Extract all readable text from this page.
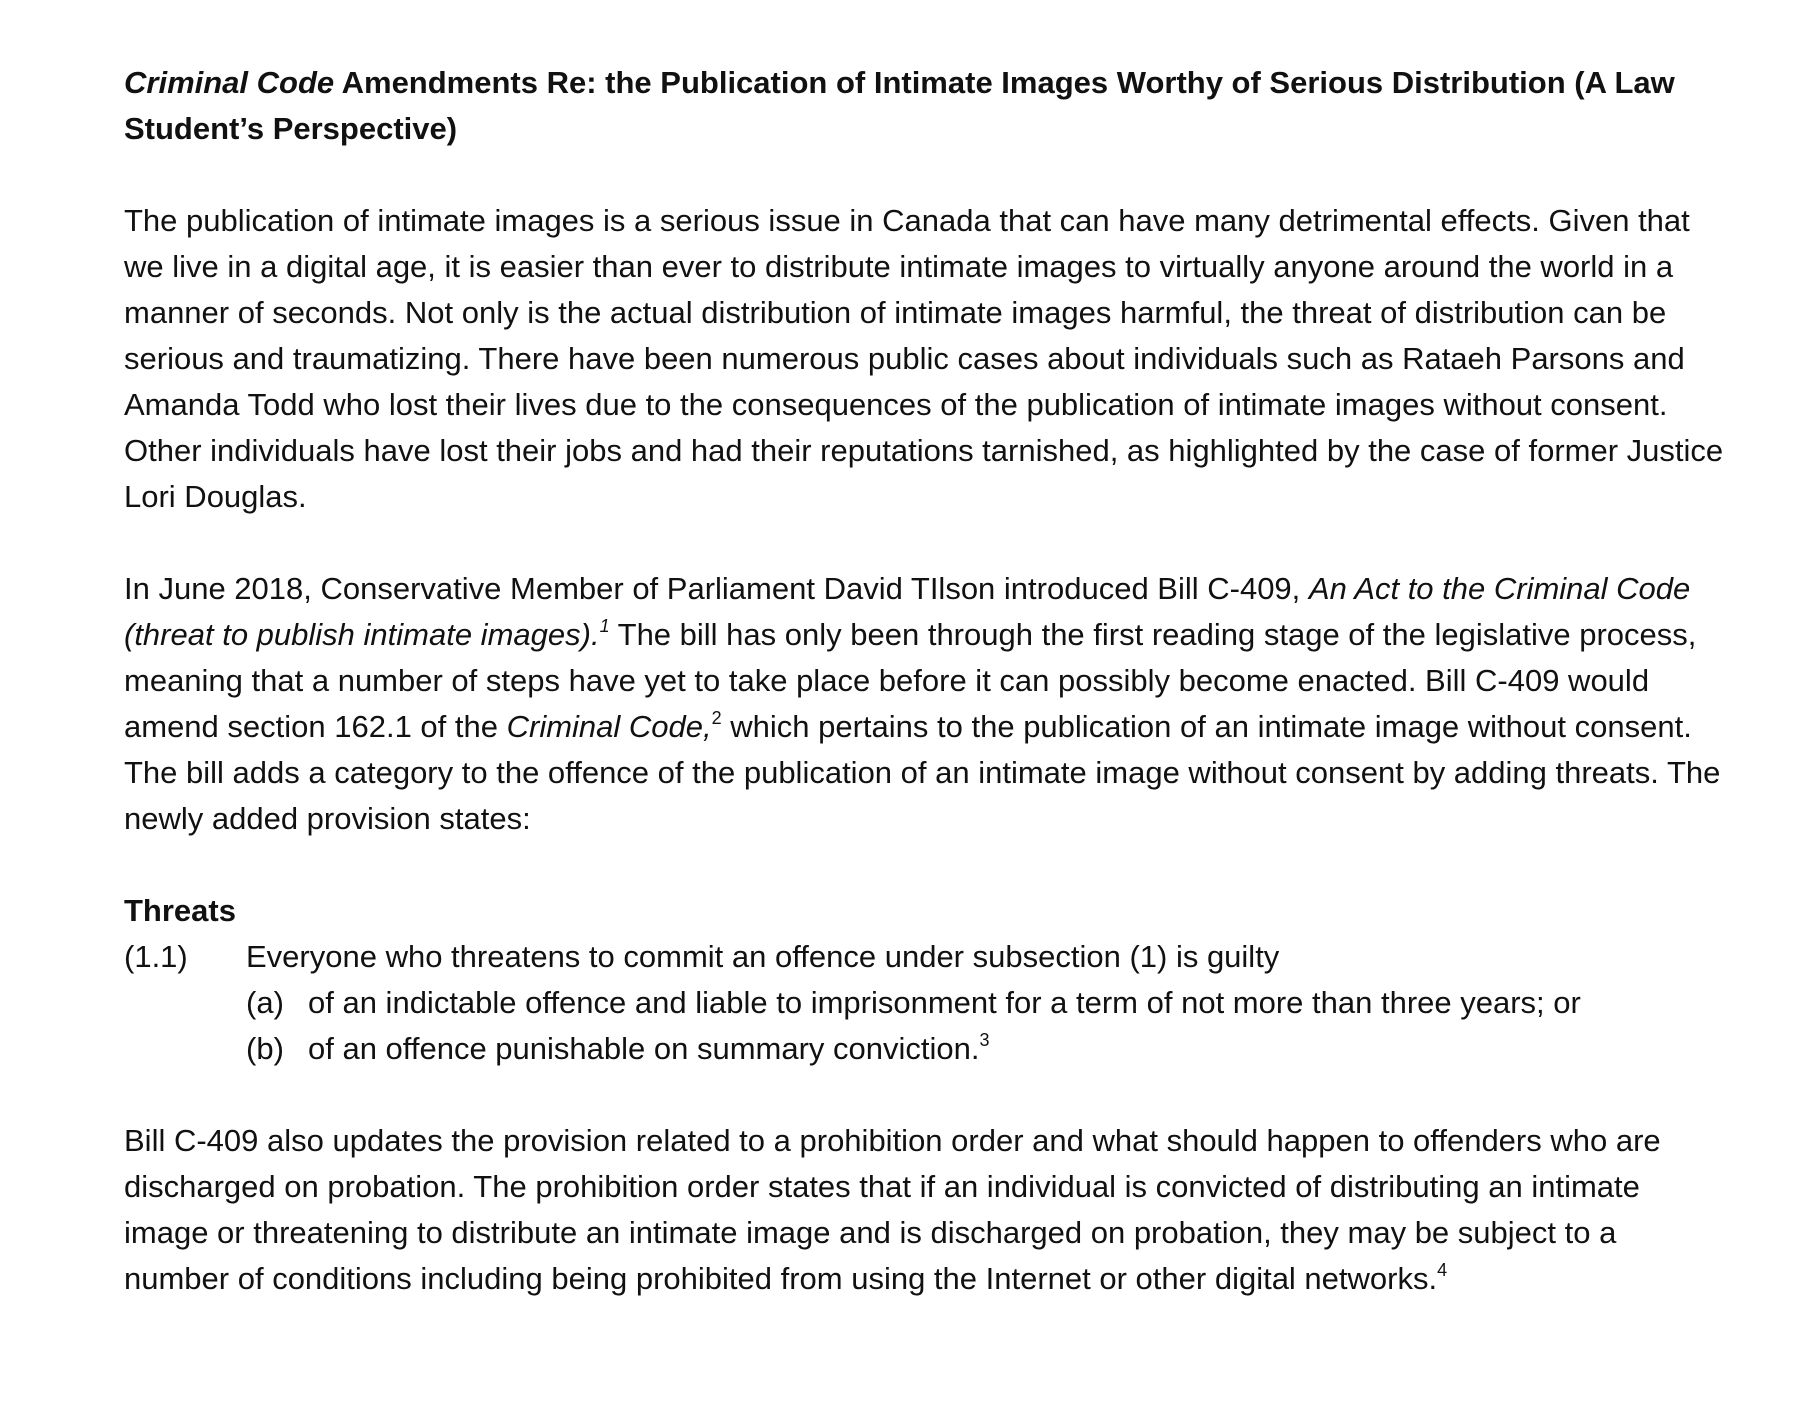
Criminal Code Amendments Re: the Publication of Intimate Images Worthy of Serious Distribution (A Law Student’s Perspective)

The publication of intimate images is a serious issue in Canada that can have many detrimental effects. Given that we live in a digital age, it is easier than ever to distribute intimate images to virtually anyone around the world in a manner of seconds. Not only is the actual distribution of intimate images harmful, the threat of distribution can be serious and traumatizing. There have been numerous public cases about individuals such as Rataeh Parsons and Amanda Todd who lost their lives due to the consequences of the publication of intimate images without consent. Other individuals have lost their jobs and had their reputations tarnished, as highlighted by the case of former Justice Lori Douglas.

In June 2018, Conservative Member of Parliament David TIlson introduced Bill C-409, An Act to the Criminal Code (threat to publish intimate images).$^1$ The bill has only been through the first reading stage of the legislative process, meaning that a number of steps have yet to take place before it can possibly become enacted. Bill C-409 would amend section 162.1 of the Criminal Code,$^2$ which pertains to the publication of an intimate image without consent. The bill adds a category to the offence of the publication of an intimate image without consent by adding threats. The newly added provision states:

Threats
(1.1)	Everyone who threatens to commit an offence under subsection (1) is guilty
(a) of an indictable offence and liable to imprisonment for a term of not more than three years; or
(b) of an offence punishable on summary conviction.$^3$

Bill C-409 also updates the provision related to a prohibition order and what should happen to offenders who are discharged on probation. The prohibition order states that if an individual is convicted of distributing an intimate image or threatening to distribute an intimate image and is discharged on probation, they may be subject to a number of conditions including being prohibited from using the Internet or other digital networks.$^4$
